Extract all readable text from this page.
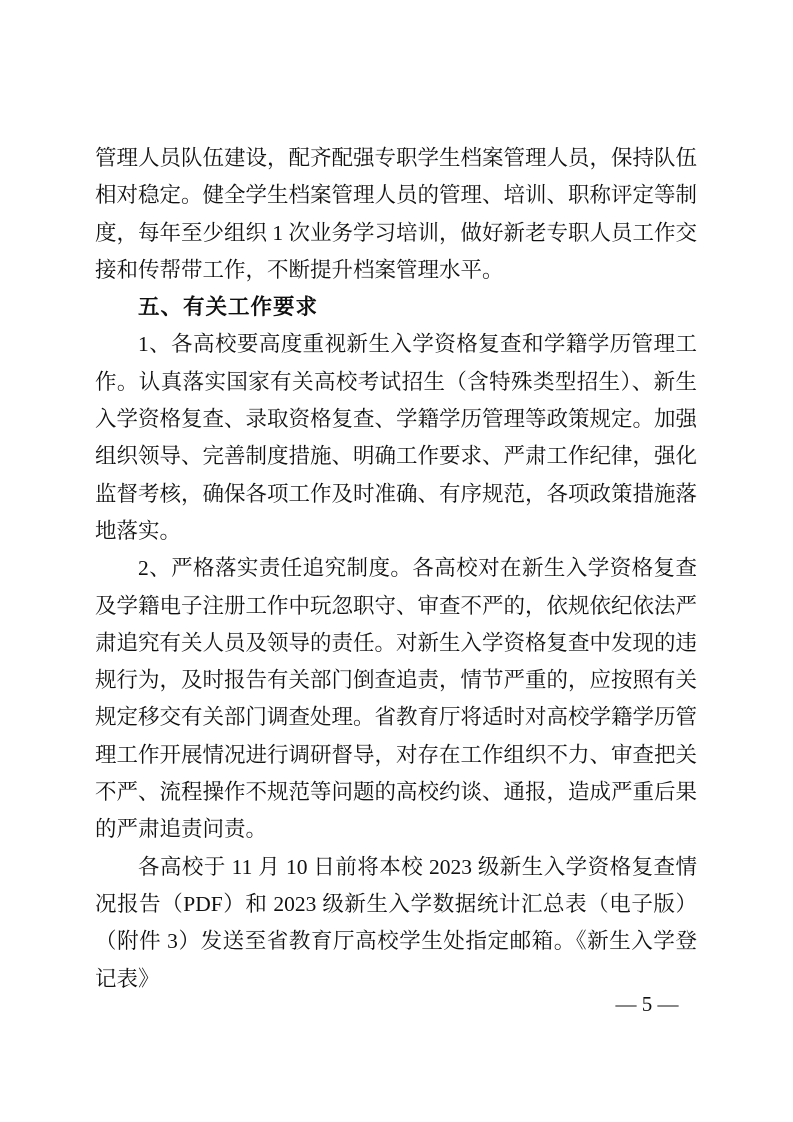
管理人员队伍建设，配齐配强专职学生档案管理人员，保持队伍相对稳定。健全学生档案管理人员的管理、培训、职称评定等制度，每年至少组织 1 次业务学习培训，做好新老专职人员工作交接和传帮带工作，不断提升档案管理水平。

五、有关工作要求

1、各高校要高度重视新生入学资格复查和学籍学历管理工作。认真落实国家有关高校考试招生（含特殊类型招生）、新生入学资格复查、录取资格复查、学籍学历管理等政策规定。加强组织领导、完善制度措施、明确工作要求、严肃工作纪律，强化监督考核，确保各项工作及时准确、有序规范，各项政策措施落地落实。

2、严格落实责任追究制度。各高校对在新生入学资格复查及学籍电子注册工作中玩忽职守、审查不严的，依规依纪依法严肃追究有关人员及领导的责任。对新生入学资格复查中发现的违规行为，及时报告有关部门倒查追责，情节严重的，应按照有关规定移交有关部门调查处理。省教育厅将适时对高校学籍学历管理工作开展情况进行调研督导，对存在工作组织不力、审查把关不严、流程操作不规范等问题的高校约谈、通报，造成严重后果的严肃追责问责。

各高校于 11 月 10 日前将本校 2023 级新生入学资格复查情况报告（PDF）和 2023 级新生入学数据统计汇总表（电子版）（附件 3）发送至省教育厅高校学生处指定邮箱。《新生入学登记表》

— 5 —
